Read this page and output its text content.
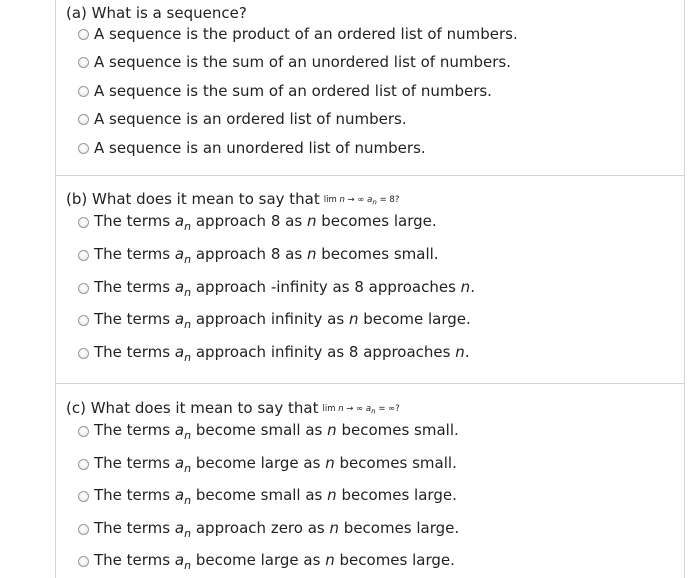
(a) What is a sequence?
A sequence is the product of an ordered list of numbers.
A sequence is the sum of an unordered list of numbers.
A sequence is the sum of an ordered list of numbers.
A sequence is an ordered list of numbers.
A sequence is an unordered list of numbers.
(b) What does it mean to say that lim n → ∞ $a_n = 8$?
The terms $a_n$ approach 8 as n becomes large.
The terms $a_n$ approach 8 as n becomes small.
The terms $a_n$ approach -infinity as 8 approaches n.
The terms $a_n$ approach infinity as n become large.
The terms $a_n$ approach infinity as 8 approaches n.
(c) What does it mean to say that lim n → ∞ $a_n$ = ∞?
The terms $a_n$ become small as n becomes small.
The terms $a_n$ become large as n becomes small.
The terms $a_n$ become small as n becomes large.
The terms $a_n$ approach zero as n becomes large.
The terms $a_n$ become large as n becomes large.
